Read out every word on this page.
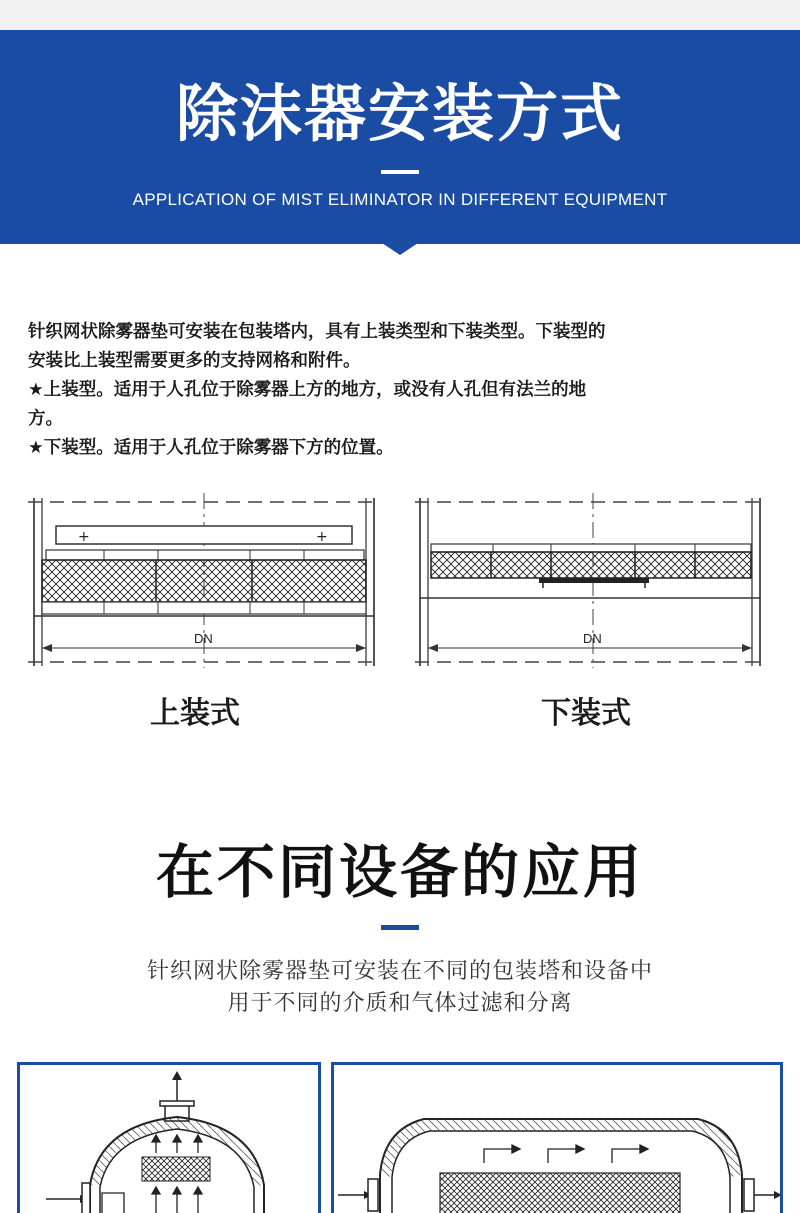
除沫器安装方式
APPLICATION OF MIST ELIMINATOR IN DIFFERENT EQUIPMENT

针织网状除雾器垫可安装在包装塔内，具有上装类型和下装类型。下装型的

安装比上装型需要更多的支持网格和附件。

★上装型。适用于人孔位于除雾器上方的地方，或没有人孔但有法兰的地

方。

★下装型。适用于人孔位于除雾器下方的位置。

+	+
DN
上装式
DN
下装式
在不同设备的应用
针织网状除雾器垫可安装在不同的包装塔和设备中
用于不同的介质和气体过滤和分离
